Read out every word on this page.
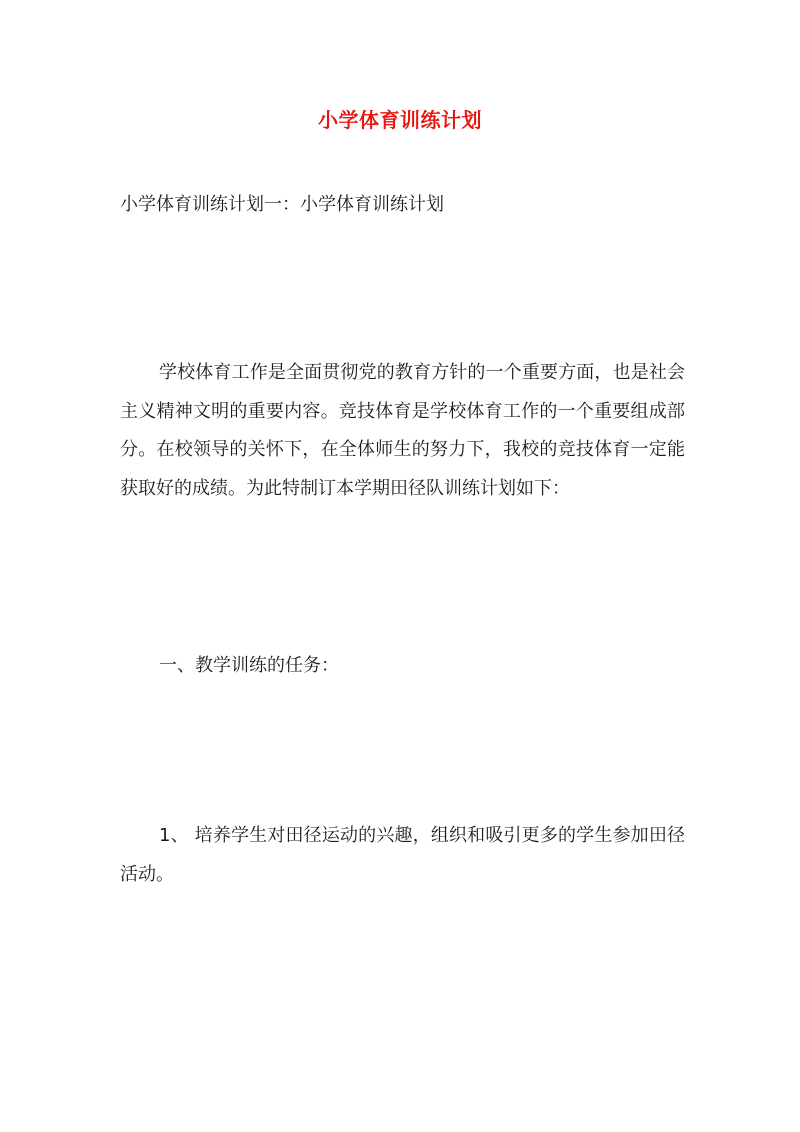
小学体育训练计划
小学体育训练计划一：小学体育训练计划
学校体育工作是全面贯彻党的教育方针的一个重要方面，也是社会主义精神文明的重要内容。竞技体育是学校体育工作的一个重要组成部分。在校领导的关怀下，在全体师生的努力下，我校的竞技体育一定能获取好的成绩。为此特制订本学期田径队训练计划如下：
一、教学训练的任务：
1、 培养学生对田径运动的兴趣，组织和吸引更多的学生参加田径活动。
